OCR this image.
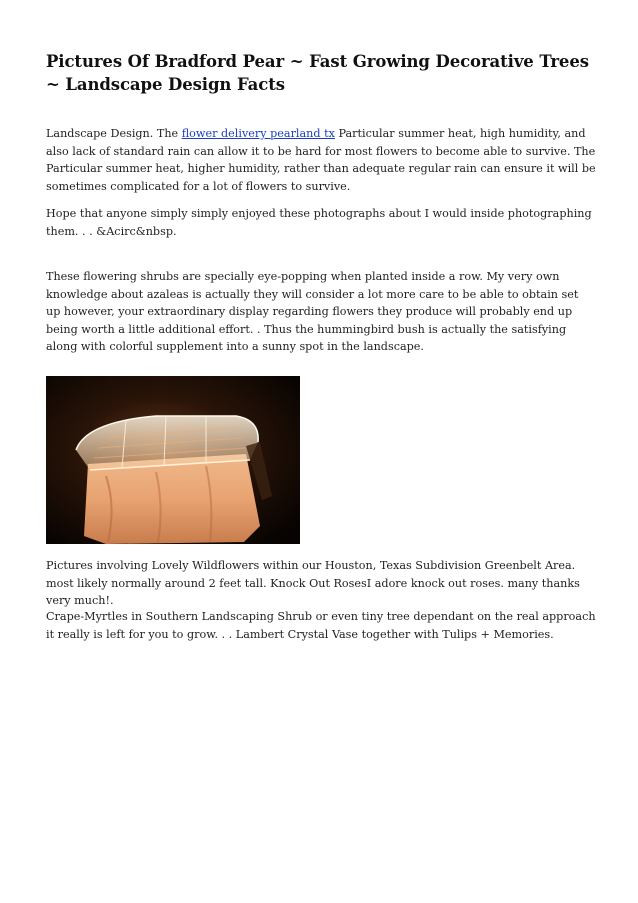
Pictures Of Bradford Pear ~ Fast Growing Decorative Trees ~ Landscape Design Facts

Landscape Design. The flower delivery pearland tx Particular summer heat, high humidity, and also lack of standard rain can allow it to be hard for most flowers to become able to survive. The Particular summer heat, higher humidity, rather than adequate regular rain can ensure it will be sometimes complicated for a lot of flowers to survive.

Hope that anyone simply simply enjoyed these photographs about I would inside photographing them. . . &Acirc&nbsp.

These flowering shrubs are specially eye-popping when planted inside a row. My very own knowledge about azaleas is actually they will consider a lot more care to be able to obtain set up however, your extraordinary display regarding flowers they produce will probably end up being worth a little additional effort. . Thus the hummingbird bush is actually the satisfying along with colorful supplement into a sunny spot in the landscape.

Pictures involving Lovely Wildflowers within our Houston, Texas Subdivision Greenbelt Area. most likely normally around 2 feet tall. Knock Out RosesI adore knock out roses. many thanks very much!.

Crape-Myrtles in Southern Landscaping Shrub or even tiny tree dependant on the real approach it really is left for you to grow. . . Lambert Crystal Vase together with Tulips + Memories.
